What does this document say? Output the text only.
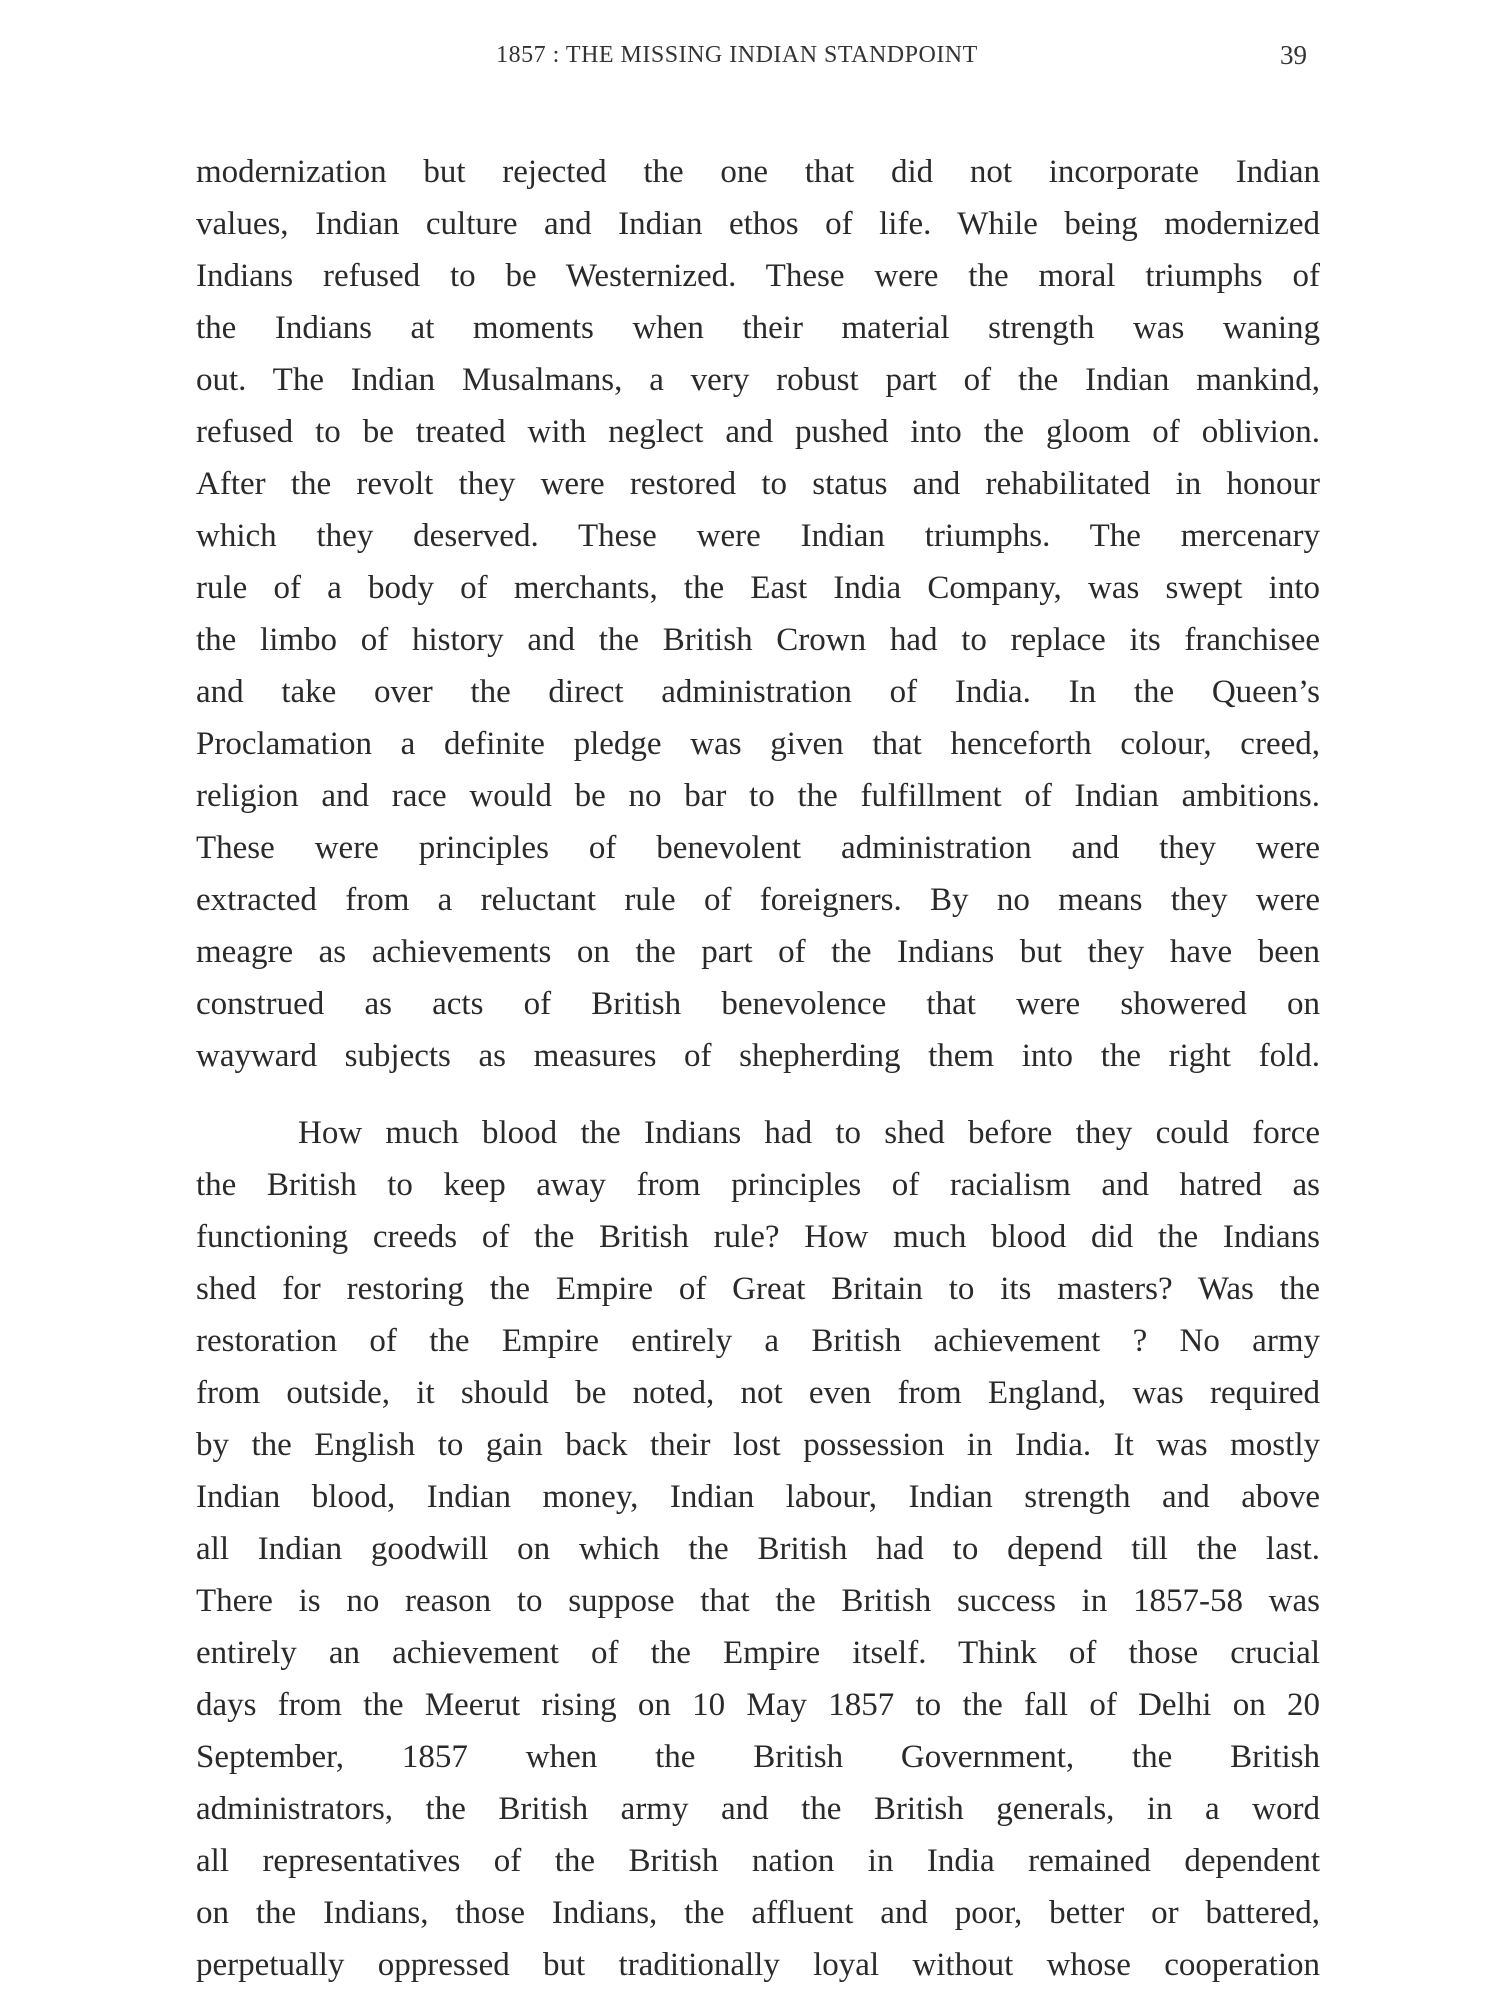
1857 : THE MISSING INDIAN STANDPOINT	39
modernization but rejected the one that did not incorporate Indian
values, Indian culture and Indian ethos of life. While being modernized
Indians refused to be Westernized. These were the moral triumphs of
the Indians at moments when their material strength was waning
out. The Indian Musalmans, a very robust part of the Indian mankind,
refused to be treated with neglect and pushed into the gloom of oblivion.
After the revolt they were restored to status and rehabilitated in honour
which they deserved. These were Indian triumphs. The mercenary
rule of a body of merchants, the East India Company, was swept into
the limbo of history and the British Crown had to replace its franchisee
and take over the direct administration of India. In the Queen’s
Proclamation a definite pledge was given that henceforth colour, creed,
religion and race would be no bar to the fulfillment of Indian ambitions.
These were principles of benevolent administration and they were
extracted from a reluctant rule of foreigners. By no means they were
meagre as achievements on the part of the Indians but they have been
construed as acts of British benevolence that were showered on
wayward subjects as measures of shepherding them into the right fold.
How much blood the Indians had to shed before they could force
the British to keep away from principles of racialism and hatred as
functioning creeds of the British rule? How much blood did the Indians
shed for restoring the Empire of Great Britain to its masters? Was the
restoration of the Empire entirely a British achievement ? No army
from outside, it should be noted, not even from England, was required
by the English to gain back their lost possession in India. It was mostly
Indian blood, Indian money, Indian labour, Indian strength and above
all Indian goodwill on which the British had to depend till the last.
There is no reason to suppose that the British success in 1857-58 was
entirely an achievement of the Empire itself. Think of those crucial
days from the Meerut rising on 10 May 1857 to the fall of Delhi on 20
September, 1857 when the British Government, the British
administrators, the British army and the British generals, in a word
all representatives of the British nation in India remained dependent
on the Indians, those Indians, the affluent and poor, better or battered,
perpetually oppressed but traditionally loyal without whose cooperation
